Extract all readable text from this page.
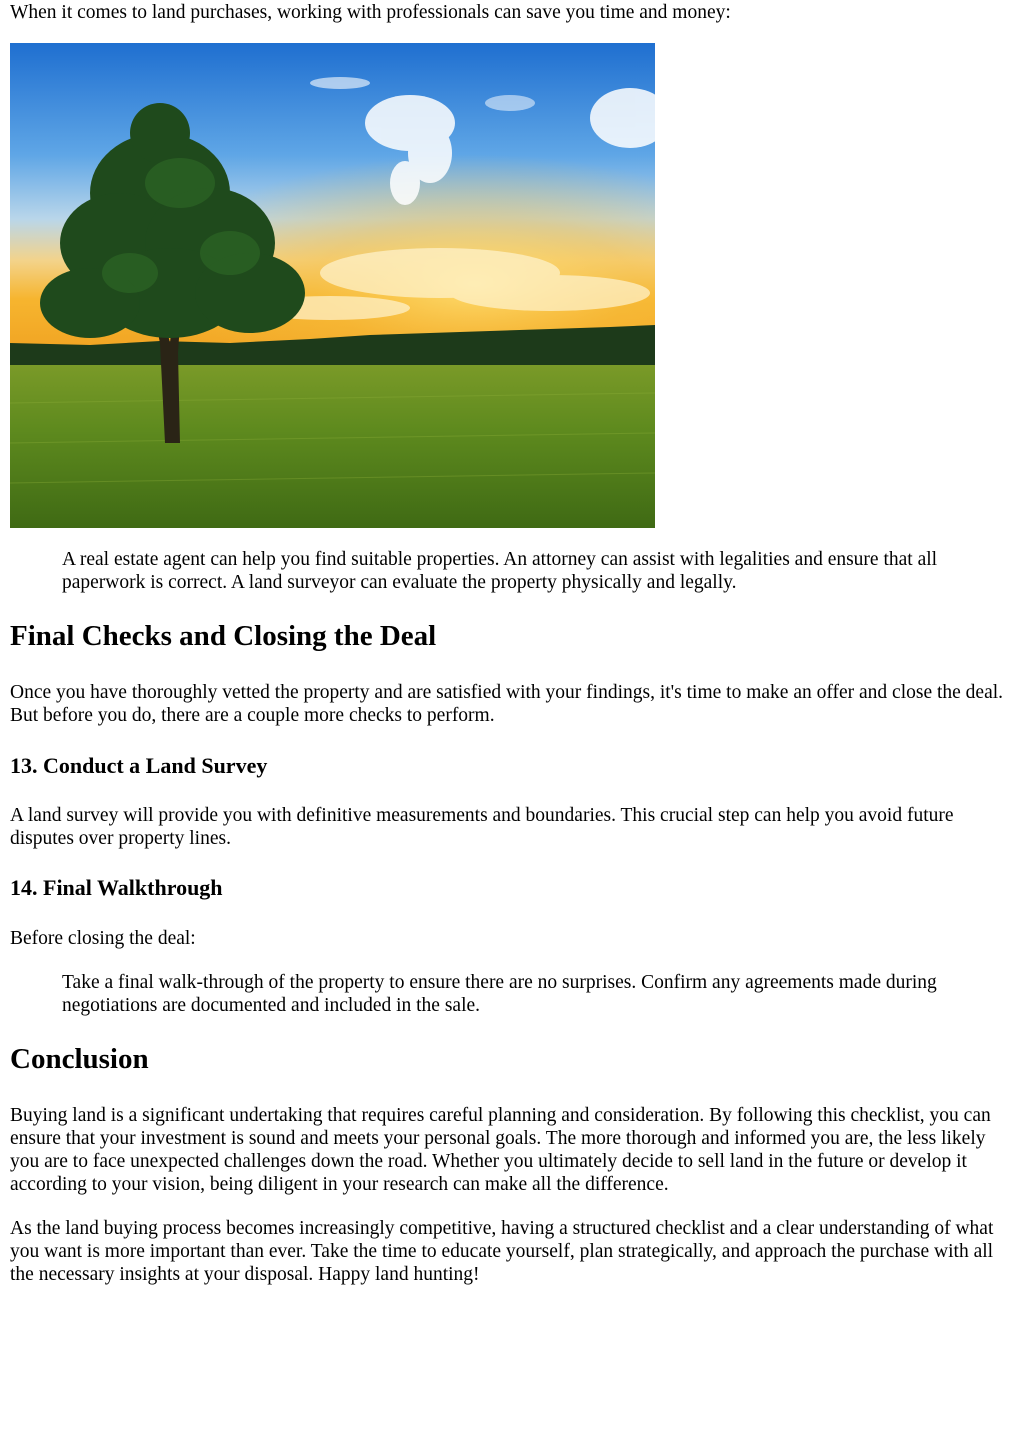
When it comes to land purchases, working with professionals can save you time and money:

A real estate agent can help you find suitable properties. An attorney can assist with legalities and ensure that all paperwork is correct. A land surveyor can evaluate the property physically and legally.

Final Checks and Closing the Deal

Once you have thoroughly vetted the property and are satisfied with your findings, it's time to make an offer and close the deal. But before you do, there are a couple more checks to perform.

13. Conduct a Land Survey

A land survey will provide you with definitive measurements and boundaries. This crucial step can help you avoid future disputes over property lines.

14. Final Walkthrough

Before closing the deal:

Take a final walk-through of the property to ensure there are no surprises. Confirm any agreements made during negotiations are documented and included in the sale.

Conclusion

Buying land is a significant undertaking that requires careful planning and consideration. By following this checklist, you can ensure that your investment is sound and meets your personal goals. The more thorough and informed you are, the less likely you are to face unexpected challenges down the road. Whether you ultimately decide to sell land in the future or develop it according to your vision, being diligent in your research can make all the difference.

As the land buying process becomes increasingly competitive, having a structured checklist and a clear understanding of what you want is more important than ever. Take the time to educate yourself, plan strategically, and approach the purchase with all the necessary insights at your disposal. Happy land hunting!
